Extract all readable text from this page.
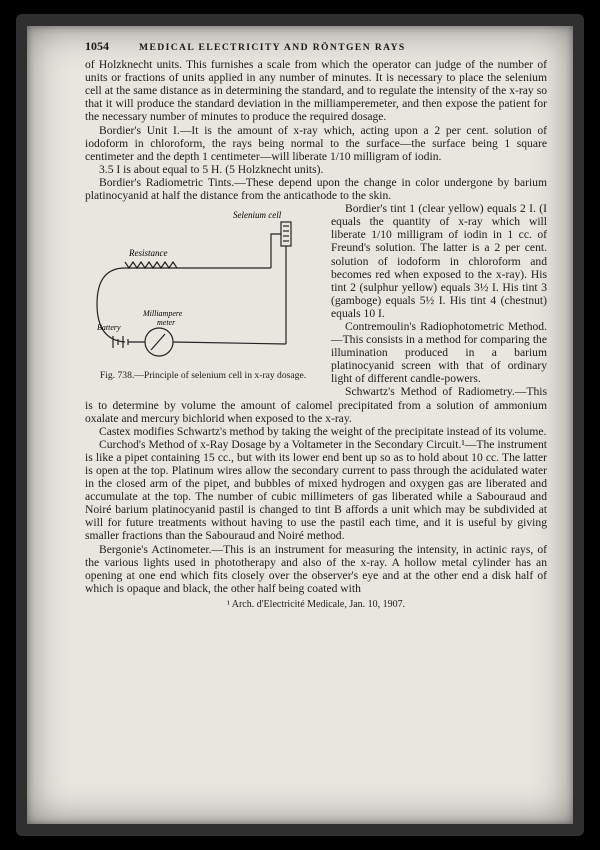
1054	MEDICAL ELECTRICITY AND RÖNTGEN RAYS

of Holzknecht units. This furnishes a scale from which the operator can judge of the number of units or fractions of units applied in any number of minutes. It is necessary to place the selenium cell at the same distance as in determining the standard, and to regulate the intensity of the x-ray so that it will produce the standard deviation in the milliamperemeter, and then expose the patient for the necessary number of minutes to produce the required dosage.

Bordier's Unit I.—It is the amount of x-ray which, acting upon a 2 per cent. solution of iodoform in chloroform, the rays being normal to the surface—the surface being 1 square centimeter and the depth 1 centimeter—will liberate 1/10 milligram of iodin.

3.5 I is about equal to 5 H. (5 Holzknecht units).

Bordier's Radiometric Tints.—These depend upon the change in color undergone by barium platinocyanid at half the distance from the anticathode to the skin.

Selenium cell
Resistance
Milliampere
meter
Battery
Fig. 738.—Principle of selenium cell in x-ray dosage.

Bordier's tint 1 (clear yellow) equals 2 I. (I equals the quantity of x-ray which will liberate 1/10 milligram of iodin in 1 cc. of Freund's solution. The latter is a 2 per cent. solution of iodoform in chloroform and becomes red when exposed to the x-ray). His tint 2 (sulphur yellow) equals 3½ I. His tint 3 (gamboge) equals 5½ I. His tint 4 (chestnut) equals 10 I.

Contremoulin's Radiophotometric Method.—This consists in a method for comparing the illumination produced in a barium platinocyanid screen with that of ordinary light of different candle-powers.

Schwartz's Method of Radiometry.—This is to determine by volume the amount of calomel precipitated from a solution of ammonium oxalate and mercury bichlorid when exposed to the x-ray.

Castex modifies Schwartz's method by taking the weight of the precipitate instead of its volume.

Curchod's Method of x-Ray Dosage by a Voltameter in the Secondary Circuit.¹—The instrument is like a pipet containing 15 cc., but with its lower end bent up so as to hold about 10 cc. The latter is open at the top. Platinum wires allow the secondary current to pass through the acidulated water in the closed arm of the pipet, and bubbles of mixed hydrogen and oxygen gas are liberated and accumulate at the top. The number of cubic millimeters of gas liberated while a Sabouraud and Noiré barium platinocyanid pastil is changed to tint B affords a unit which may be subdivided at will for future treatments without having to use the pastil each time, and it is useful by giving smaller fractions than the Sabouraud and Noiré method.

Bergonie's Actinometer.—This is an instrument for measuring the intensity, in actinic rays, of the various lights used in phototherapy and also of the x-ray. A hollow metal cylinder has an opening at one end which fits closely over the observer's eye and at the other end a disk half of which is opaque and black, the other half being coated with

¹ Arch. d'Electricité Medicale, Jan. 10, 1907.
